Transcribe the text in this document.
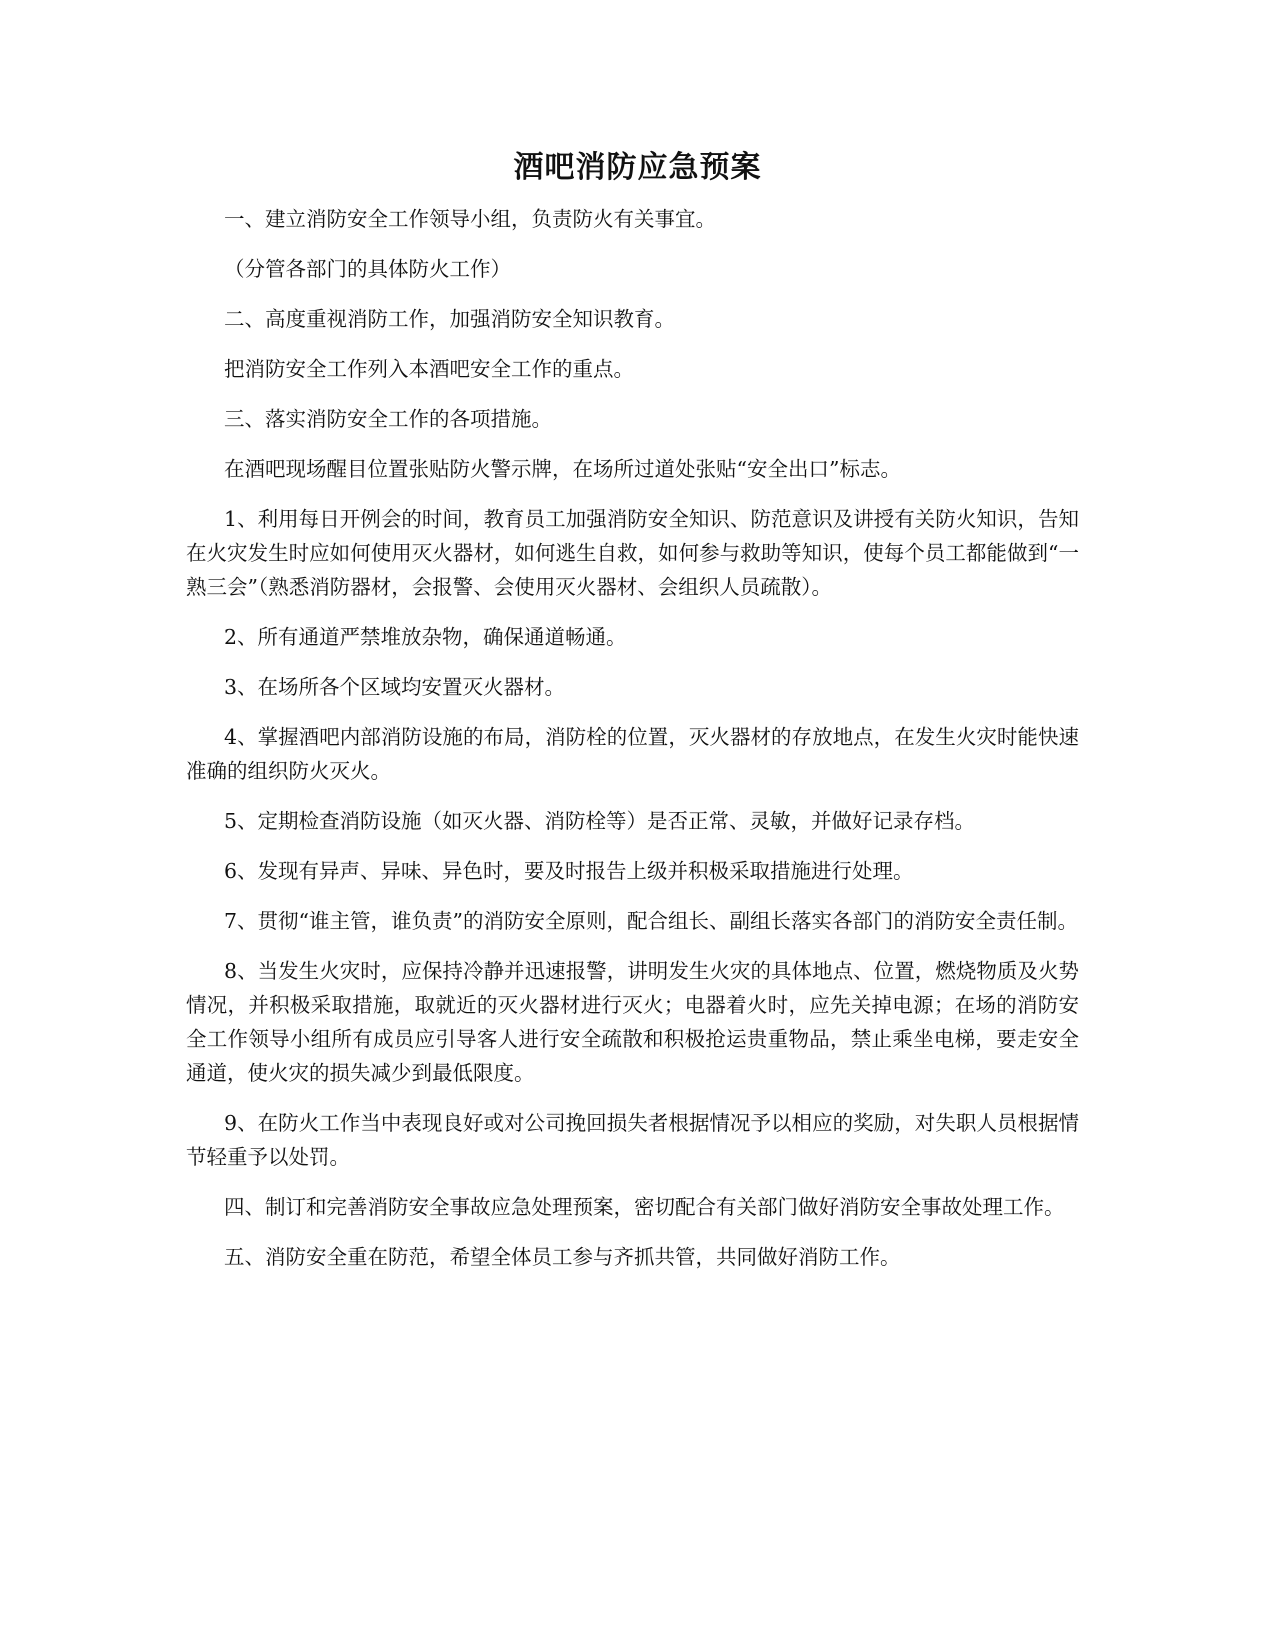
酒吧消防应急预案

一、建立消防安全工作领导小组，负责防火有关事宜。

（分管各部门的具体防火工作）

二、高度重视消防工作，加强消防安全知识教育。

把消防安全工作列入本酒吧安全工作的重点。

三、落实消防安全工作的各项措施。

在酒吧现场醒目位置张贴防火警示牌，在场所过道处张贴“安全出口”标志。

1、利用每日开例会的时间，教育员工加强消防安全知识、防范意识及讲授有关防火知识，告知在火灾发生时应如何使用灭火器材，如何逃生自救，如何参与救助等知识，使每个员工都能做到“一熟三会”（熟悉消防器材，会报警、会使用灭火器材、会组织人员疏散）。

2、所有通道严禁堆放杂物，确保通道畅通。

3、在场所各个区域均安置灭火器材。

4、掌握酒吧内部消防设施的布局，消防栓的位置，灭火器材的存放地点，在发生火灾时能快速准确的组织防火灭火。

5、定期检查消防设施（如灭火器、消防栓等）是否正常、灵敏，并做好记录存档。

6、发现有异声、异味、异色时，要及时报告上级并积极采取措施进行处理。

7、贯彻“谁主管，谁负责”的消防安全原则，配合组长、副组长落实各部门的消防安全责任制。

8、当发生火灾时，应保持冷静并迅速报警，讲明发生火灾的具体地点、位置，燃烧物质及火势情况，并积极采取措施，取就近的灭火器材进行灭火；电器着火时，应先关掉电源；在场的消防安全工作领导小组所有成员应引导客人进行安全疏散和积极抢运贵重物品，禁止乘坐电梯，要走安全通道，使火灾的损失减少到最低限度。

9、在防火工作当中表现良好或对公司挽回损失者根据情况予以相应的奖励，对失职人员根据情节轻重予以处罚。

四、制订和完善消防安全事故应急处理预案，密切配合有关部门做好消防安全事故处理工作。

五、消防安全重在防范，希望全体员工参与齐抓共管，共同做好消防工作。
